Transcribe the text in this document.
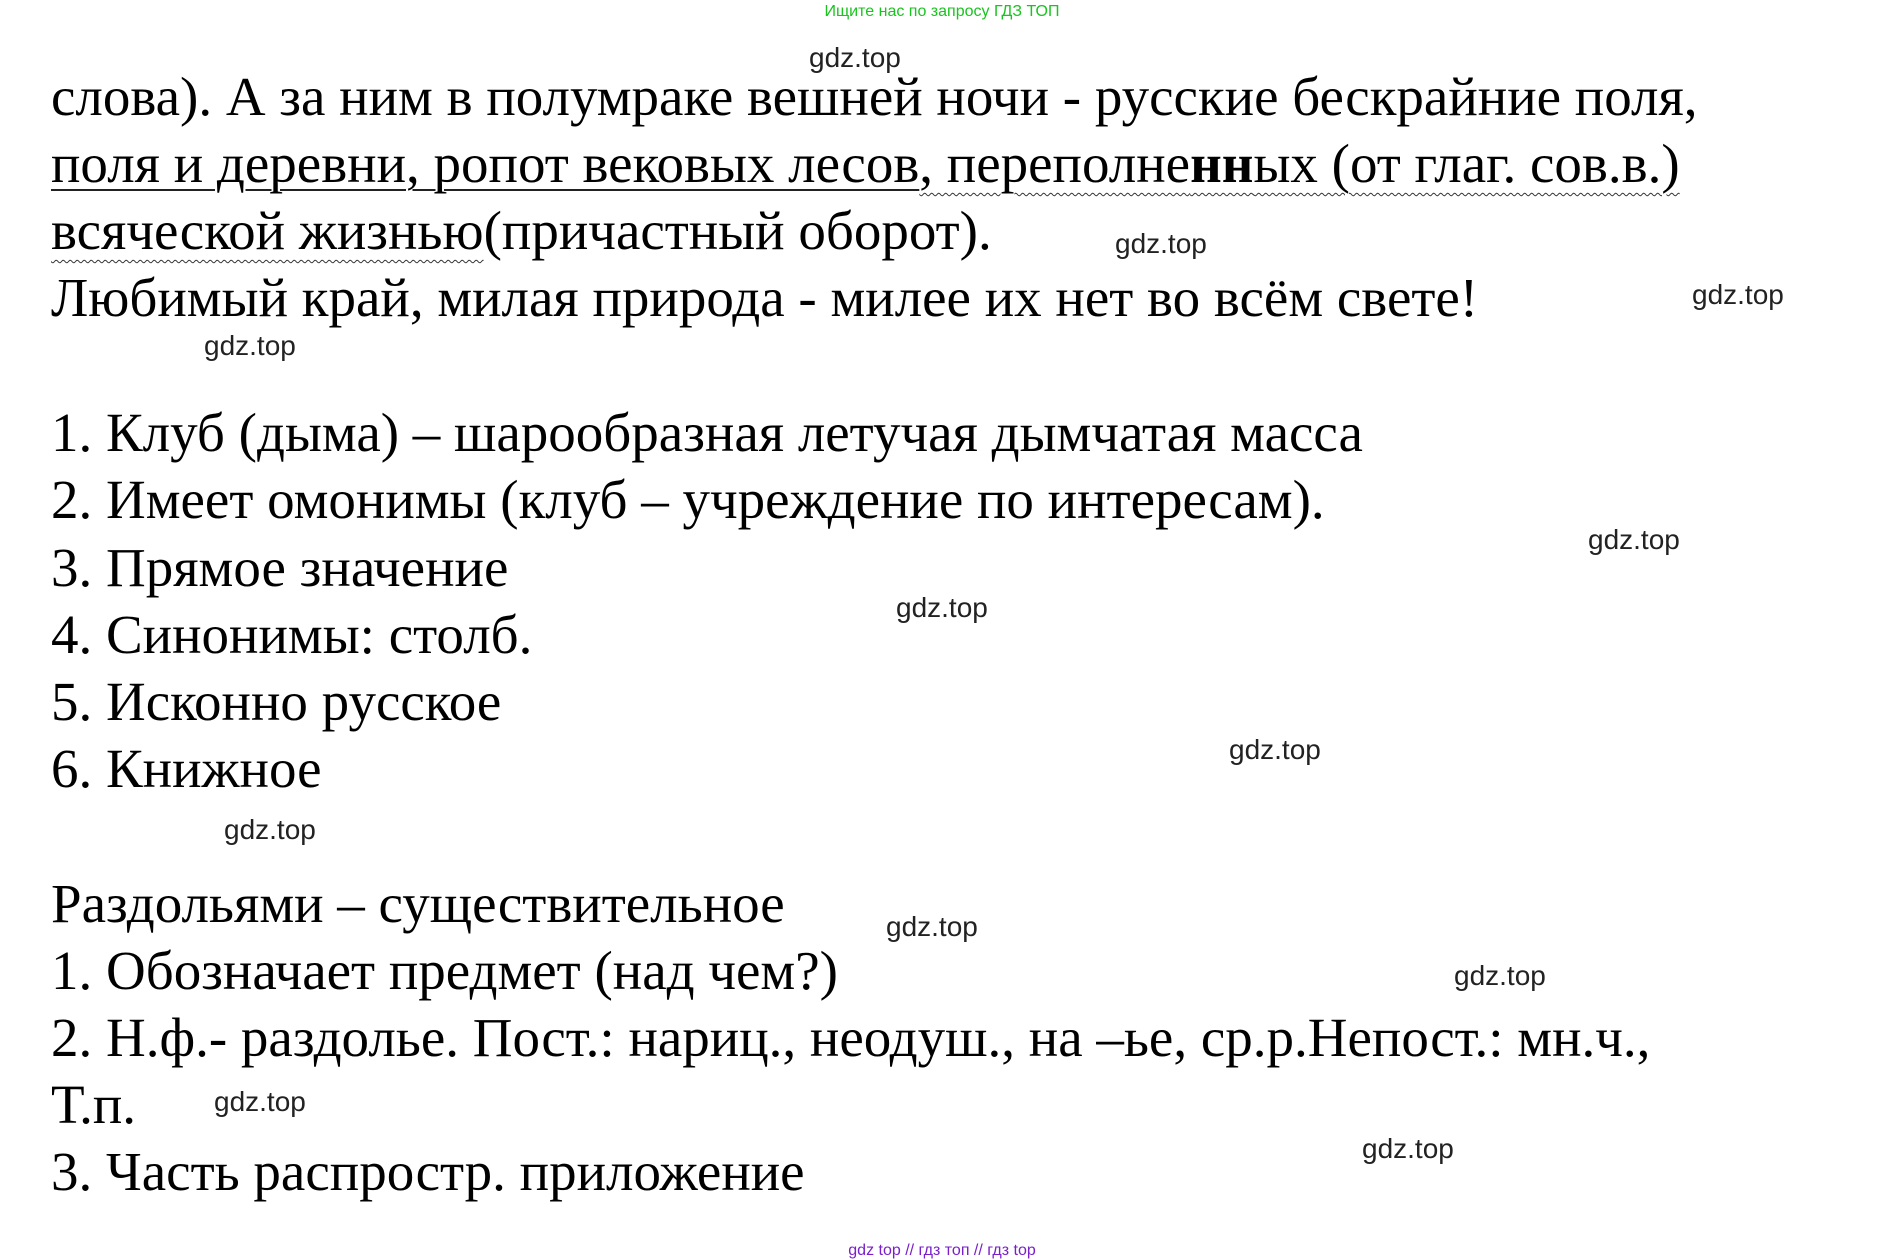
Ищите нас по запросу ГДЗ ТОП
слова). А за ним в полумраке вешней ночи - русские бескрайние поля,
поля и деревни, ропот вековых лесов, переполненных (от глаг. сов.в.)
всяческой жизнью(причастный оборот).
Любимый край, милая природа - милее их нет во всём свете!
1. Клуб (дыма) – шарообразная летучая дымчатая масса
2. Имеет омонимы (клуб – учреждение по интересам).
3. Прямое значение
4. Синонимы: столб.
5. Исконно русское
6. Книжное
Раздольями – существительное
1. Обозначает предмет (над чем?)
2. Н.ф.- раздолье. Пост.: нариц., неодуш., на –ье, ср.р.Непост.: мн.ч.,
Т.п.
3. Часть распростр. приложение
gdz.top
gdz.top
gdz.top
gdz.top
gdz.top
gdz.top
gdz.top
gdz.top
gdz.top
gdz.top
gdz.top
gdz.top
gdz top // гдз топ // гдз top
